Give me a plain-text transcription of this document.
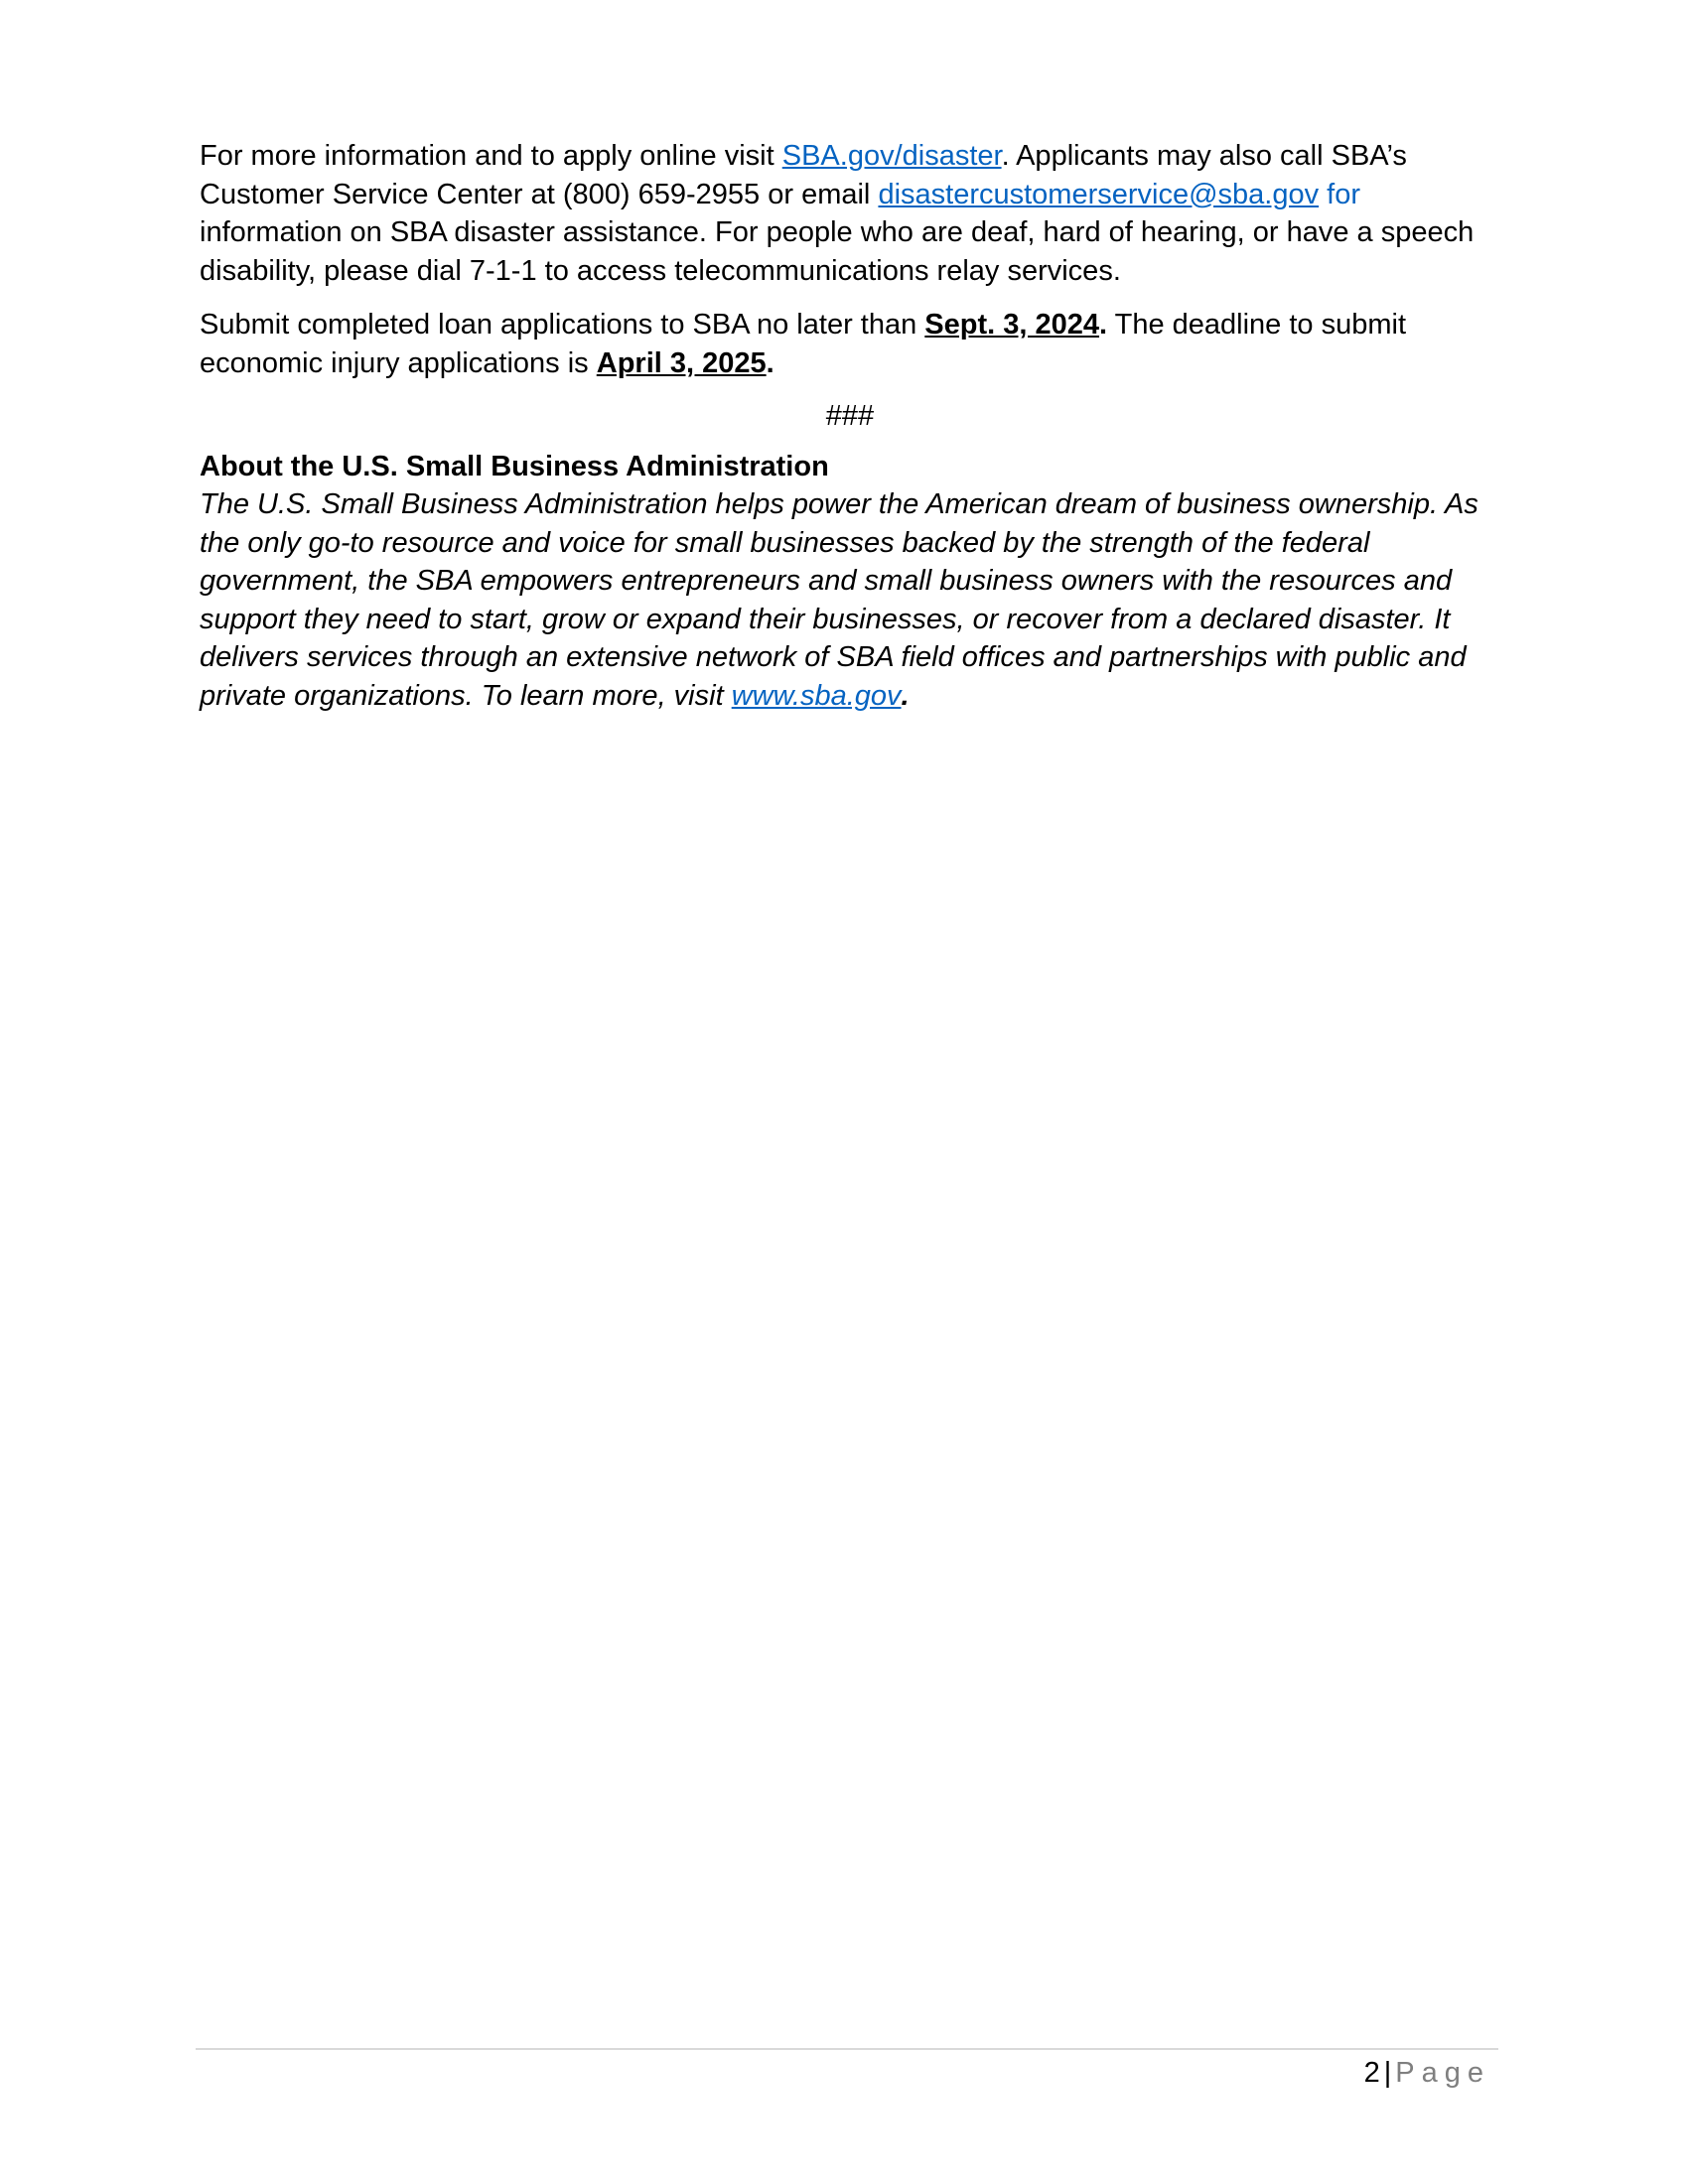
For more information and to apply online visit SBA.gov/disaster. Applicants may also call SBA’s Customer Service Center at (800) 659-2955 or email disastercustomerservice@sba.gov for information on SBA disaster assistance. For people who are deaf, hard of hearing, or have a speech disability, please dial 7-1-1 to access telecommunications relay services.

Submit completed loan applications to SBA no later than Sept. 3, 2024. The deadline to submit economic injury applications is April 3, 2025.

###

About the U.S. Small Business Administration

The U.S. Small Business Administration helps power the American dream of business ownership. As the only go-to resource and voice for small businesses backed by the strength of the federal government, the SBA empowers entrepreneurs and small business owners with the resources and support they need to start, grow or expand their businesses, or recover from a declared disaster. It delivers services through an extensive network of SBA field offices and partnerships with public and private organizations. To learn more, visit www.sba.gov.

2 | Page
